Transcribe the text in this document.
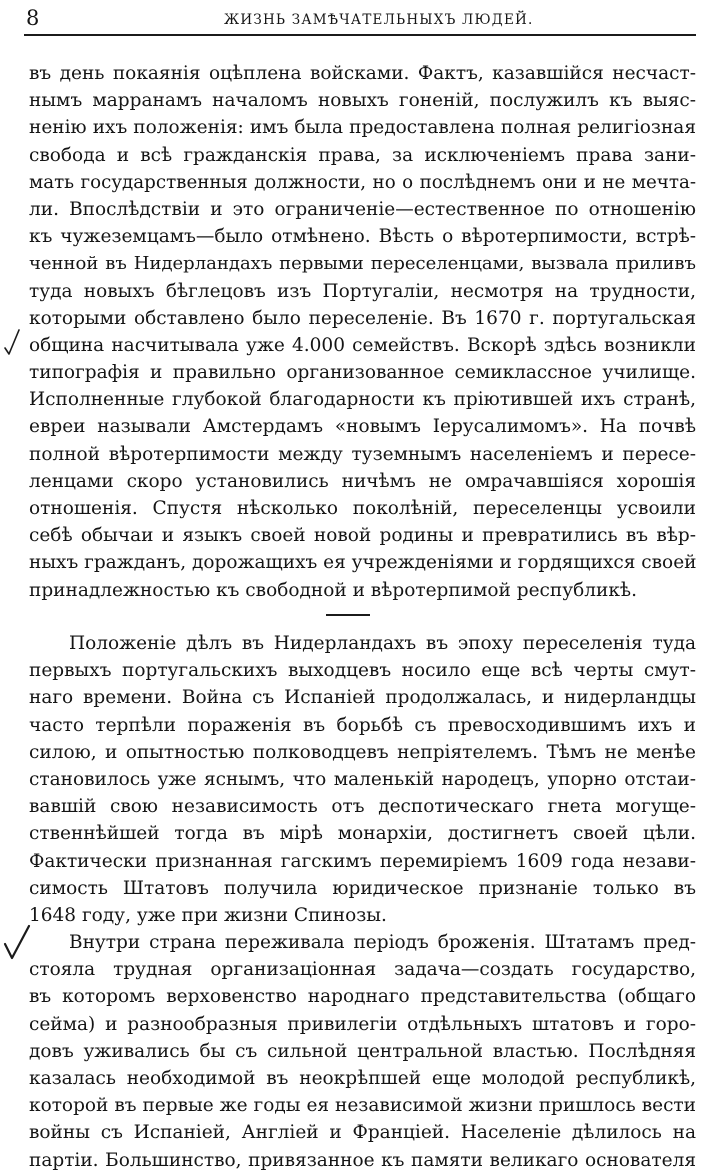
8	ЖИЗНЬ ЗАМѢЧАТЕЛЬНЫХЪ ЛЮДЕЙ.
въ день покаянія оцѣплена войсками. Фактъ, казавшійся несчаст-
нымъ марранамъ началомъ новыхъ гоненій, послужилъ къ выяс-
ненію ихъ положенія: имъ была предоставлена полная религіозная
свобода и всѣ гражданскія права, за исключеніемъ права зани-
мать государственныя должности, но о послѣднемъ они и не мечта-
ли. Впослѣдствіи и это ограниченіе—естественное по отношенію
къ чужеземцамъ—было отмѣнено. Вѣсть о вѣротерпимости, встрѣ-
ченной въ Нидерландахъ первыми переселенцами, вызвала приливъ
туда новыхъ бѣглецовъ изъ Португаліи, несмотря на трудности,
которыми обставлено было переселеніе. Въ 1670 г. португальская
община насчитывала уже 4.000 семействъ. Вскорѣ здѣсь возникли
типографія и правильно организованное семиклассное училище.
Исполненные глубокой благодарности къ пріютившей ихъ странѣ,
евреи называли Амстердамъ «новымъ Іерусалимомъ». На почвѣ
полной вѣротерпимости между туземнымъ населеніемъ и пересе-
ленцами скоро установились ничѣмъ не омрачавшіяся хорошія
отношенія. Спустя нѣсколько поколѣній, переселенцы усвоили
себѣ обычаи и языкъ своей новой родины и превратились въ вѣр-
ныхъ гражданъ, дорожащихъ ея учрежденіями и гордящихся своей
принадлежностью къ свободной и вѣротерпимой республикѣ.
Положеніе дѣлъ въ Нидерландахъ въ эпоху переселенія туда
первыхъ португальскихъ выходцевъ носило еще всѣ черты смут-
наго времени. Война съ Испаніей продолжалась, и нидерландцы
часто терпѣли пораженія въ борьбѣ съ превосходившимъ ихъ и
силою, и опытностью полководцевъ непріятелемъ. Тѣмъ не менѣе
становилось уже яснымъ, что маленькій народецъ, упорно отстаи-
вавшій свою независимость отъ деспотическаго гнета могуще-
ственнѣйшей тогда въ мірѣ монархіи, достигнетъ своей цѣли.
Фактически признанная гагскимъ перемиріемъ 1609 года незави-
симость Штатовъ получила юридическое признаніе только въ
1648 году, уже при жизни Спинозы.
Внутри страна переживала періодъ броженія. Штатамъ пред-
стояла трудная организаціонная задача—создать государство,
въ которомъ верховенство народнаго представительства (общаго
сейма) и разнообразныя привилегіи отдѣльныхъ штатовъ и горо-
довъ уживались бы съ сильной центральной властью. Послѣдняя
казалась необходимой въ неокрѣпшей еще молодой республикѣ,
которой въ первые же годы ея независимой жизни пришлось вести
войны съ Испаніей, Англіей и Франціей. Населеніе дѣлилось на
партіи. Большинство, привязанное къ памяти великаго основателя
